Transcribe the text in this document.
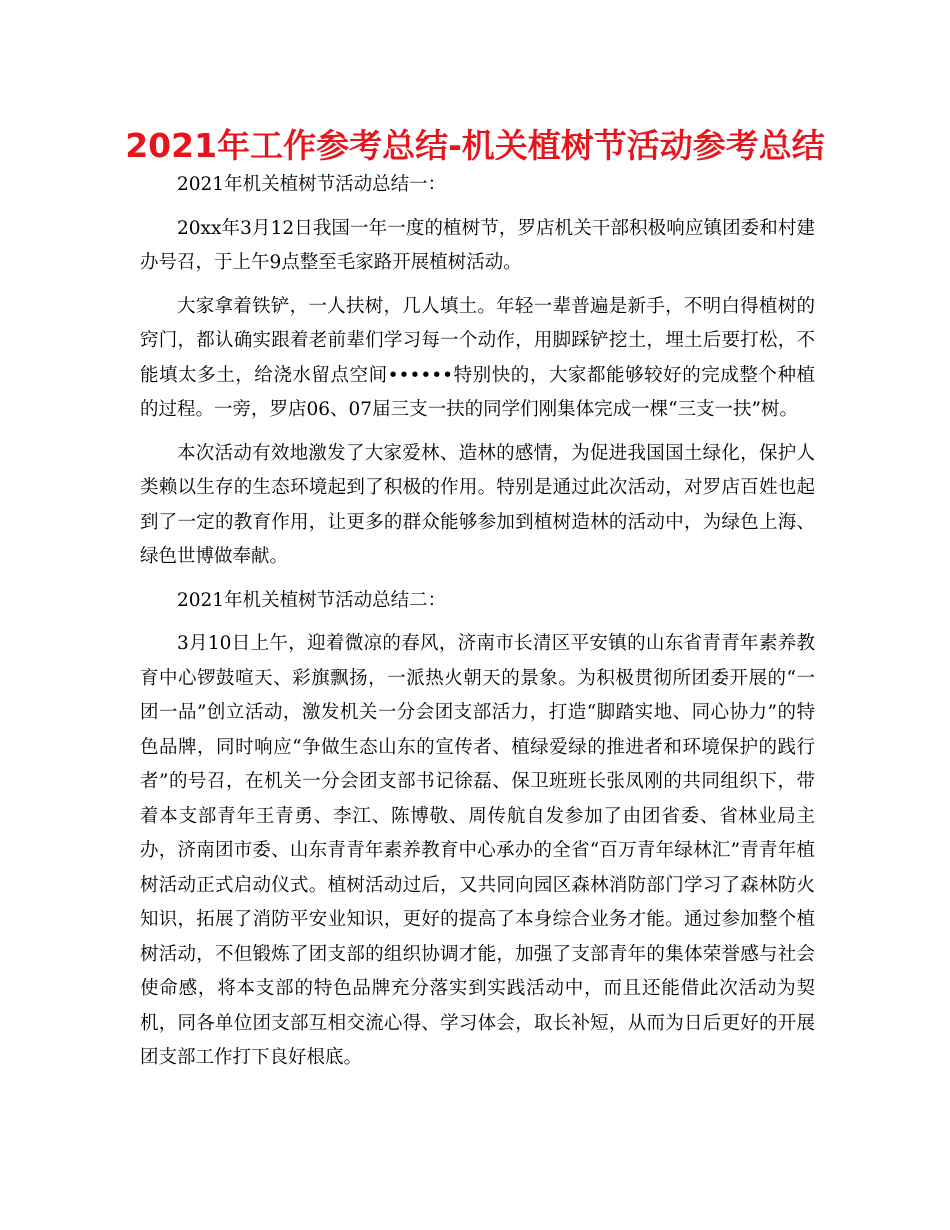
2021年工作参考总结-机关植树节活动参考总结

2021年机关植树节活动总结一：

20xx年3月12日我国一年一度的植树节，罗店机关干部积极响应镇团委和村建办号召，于上午9点整至毛家路开展植树活动。

大家拿着铁铲，一人扶树，几人填土。年轻一辈普遍是新手，不明白得植树的窍门，都认确实跟着老前辈们学习每一个动作，用脚踩铲挖土，埋土后要打松，不能填太多土，给浇水留点空间••••••特别快的，大家都能够较好的完成整个种植的过程。一旁，罗店06、07届三支一扶的同学们刚集体完成一棵“三支一扶”树。

本次活动有效地激发了大家爱林、造林的感情，为促进我国国土绿化，保护人类赖以生存的生态环境起到了积极的作用。特别是通过此次活动，对罗店百姓也起到了一定的教育作用，让更多的群众能够参加到植树造林的活动中，为绿色上海、绿色世博做奉献。

2021年机关植树节活动总结二：

3月10日上午，迎着微凉的春风，济南市长清区平安镇的山东省青青年素养教育中心锣鼓喧天、彩旗飘扬，一派热火朝天的景象。为积极贯彻所团委开展的“一团一品”创立活动，激发机关一分会团支部活力，打造“脚踏实地、同心协力”的特色品牌，同时响应“争做生态山东的宣传者、植绿爱绿的推进者和环境保护的践行者”的号召，在机关一分会团支部书记徐磊、保卫班班长张凤刚的共同组织下，带着本支部青年王青勇、李江、陈博敬、周传航自发参加了由团省委、省林业局主办，济南团市委、山东青青年素养教育中心承办的全省“百万青年绿林汇”青青年植树活动正式启动仪式。植树活动过后，又共同向园区森林消防部门学习了森林防火知识，拓展了消防平安业知识，更好的提高了本身综合业务才能。通过参加整个植树活动，不但锻炼了团支部的组织协调才能，加强了支部青年的集体荣誉感与社会使命感，将本支部的特色品牌充分落实到实践活动中，而且还能借此次活动为契机，同各单位团支部互相交流心得、学习体会，取长补短，从而为日后更好的开展团支部工作打下良好根底。
